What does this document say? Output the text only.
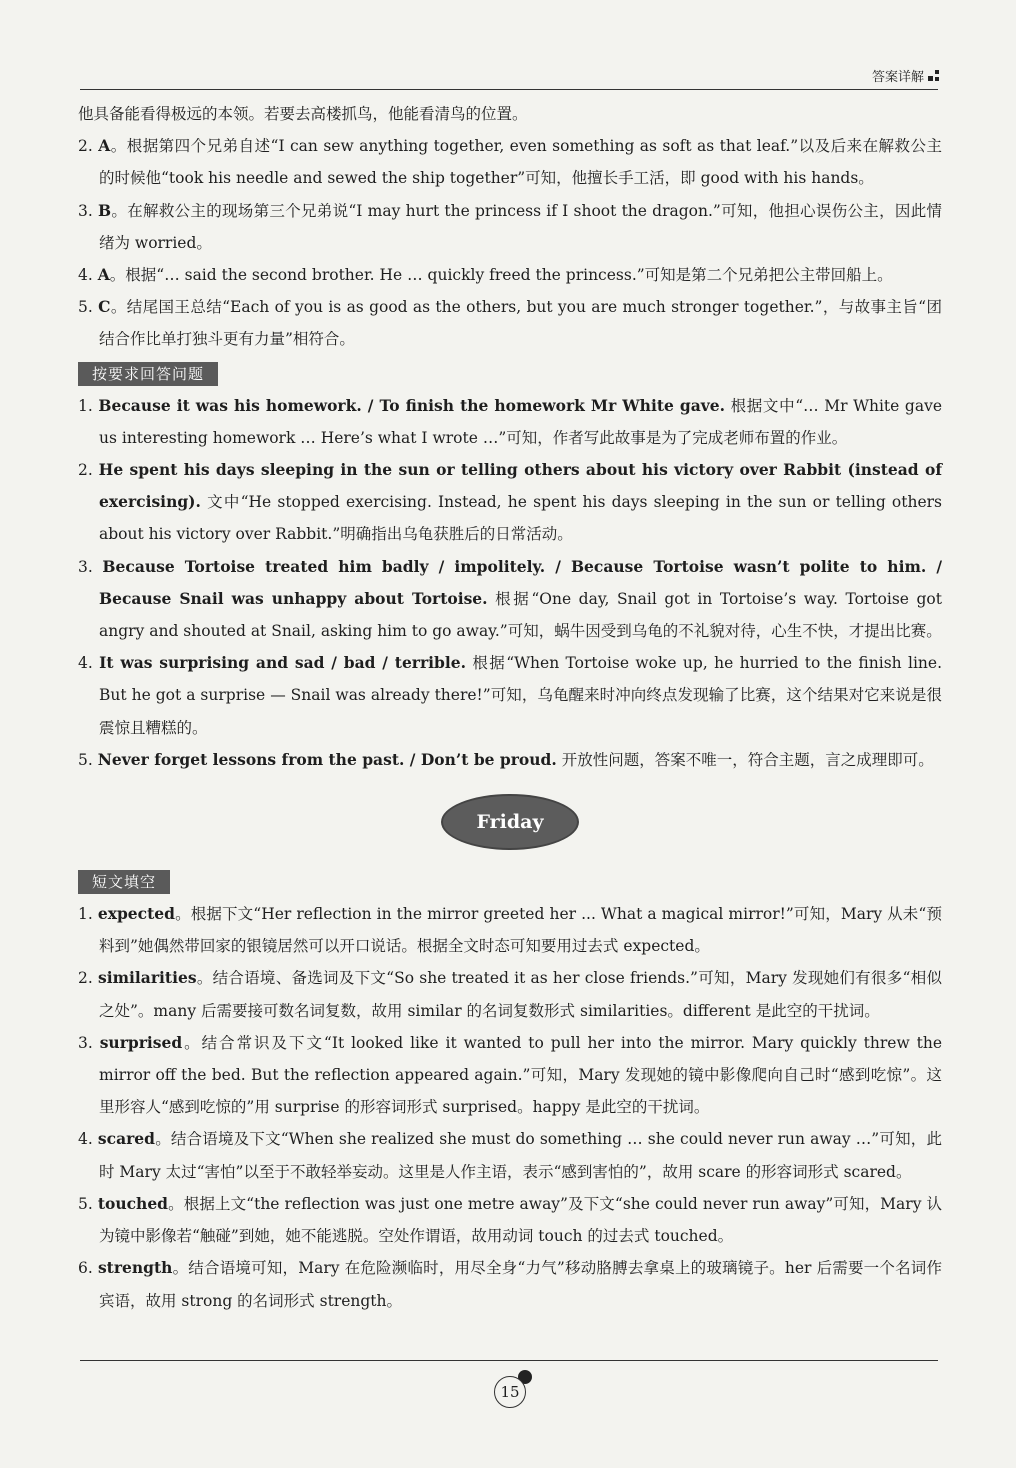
答案详解

他具备能看得极远的本领。若要去高楼抓鸟，他能看清鸟的位置。

2. A。根据第四个兄弟自述“I can sew anything together, even something as soft as that leaf.”以及后来在解救公主的时候他“took his needle and sewed the ship together”可知，他擅长手工活，即 good with his hands。

3. B。在解救公主的现场第三个兄弟说“I may hurt the princess if I shoot the dragon.”可知，他担心误伤公主，因此情绪为 worried。

4. A。根据“… said the second brother. He … quickly freed the princess.”可知是第二个兄弟把公主带回船上。

5. C。结尾国王总结“Each of you is as good as the others, but you are much stronger together.”，与故事主旨“团结合作比单打独斗更有力量”相符合。

按要求回答问题

1. Because it was his homework. / To finish the homework Mr White gave. 根据文中“… Mr White gave us interesting homework … Here’s what I wrote …”可知，作者写此故事是为了完成老师布置的作业。

2. He spent his days sleeping in the sun or telling others about his victory over Rabbit (instead of exercising). 文中“He stopped exercising. Instead, he spent his days sleeping in the sun or telling others about his victory over Rabbit.”明确指出乌龟获胜后的日常活动。

3. Because Tortoise treated him badly / impolitely. / Because Tortoise wasn’t polite to him. / Because Snail was unhappy about Tortoise. 根据“One day, Snail got in Tortoise’s way. Tortoise got angry and shouted at Snail, asking him to go away.”可知，蜗牛因受到乌龟的不礼貌对待，心生不快，才提出比赛。

4. It was surprising and sad / bad / terrible. 根据“When Tortoise woke up, he hurried to the finish line. But he got a surprise — Snail was already there!”可知，乌龟醒来时冲向终点发现输了比赛，这个结果对它来说是很震惊且糟糕的。

5. Never forget lessons from the past. / Don’t be proud. 开放性问题，答案不唯一，符合主题，言之成理即可。

Friday
短文填空

1. expected。根据下文“Her reflection in the mirror greeted her ... What a magical mirror!”可知，Mary 从未“预料到”她偶然带回家的银镜居然可以开口说话。根据全文时态可知要用过去式 expected。

2. similarities。结合语境、备选词及下文“So she treated it as her close friends.”可知，Mary 发现她们有很多“相似之处”。many 后需要接可数名词复数，故用 similar 的名词复数形式 similarities。different 是此空的干扰词。

3. surprised。结合常识及下文“It looked like it wanted to pull her into the mirror. Mary quickly threw the mirror off the bed. But the reflection appeared again.”可知，Mary 发现她的镜中影像爬向自己时“感到吃惊”。这里形容人“感到吃惊的”用 surprise 的形容词形式 surprised。happy 是此空的干扰词。

4. scared。结合语境及下文“When she realized she must do something … she could never run away …”可知，此时 Mary 太过“害怕”以至于不敢轻举妄动。这里是人作主语，表示“感到害怕的”，故用 scare 的形容词形式 scared。

5. touched。根据上文“the reflection was just one metre away”及下文“she could never run away”可知，Mary 认为镜中影像若“触碰”到她，她不能逃脱。空处作谓语，故用动词 touch 的过去式 touched。

6. strength。结合语境可知，Mary 在危险濒临时，用尽全身“力气”移动胳膊去拿桌上的玻璃镜子。her 后需要一个名词作宾语，故用 strong 的名词形式 strength。

15
